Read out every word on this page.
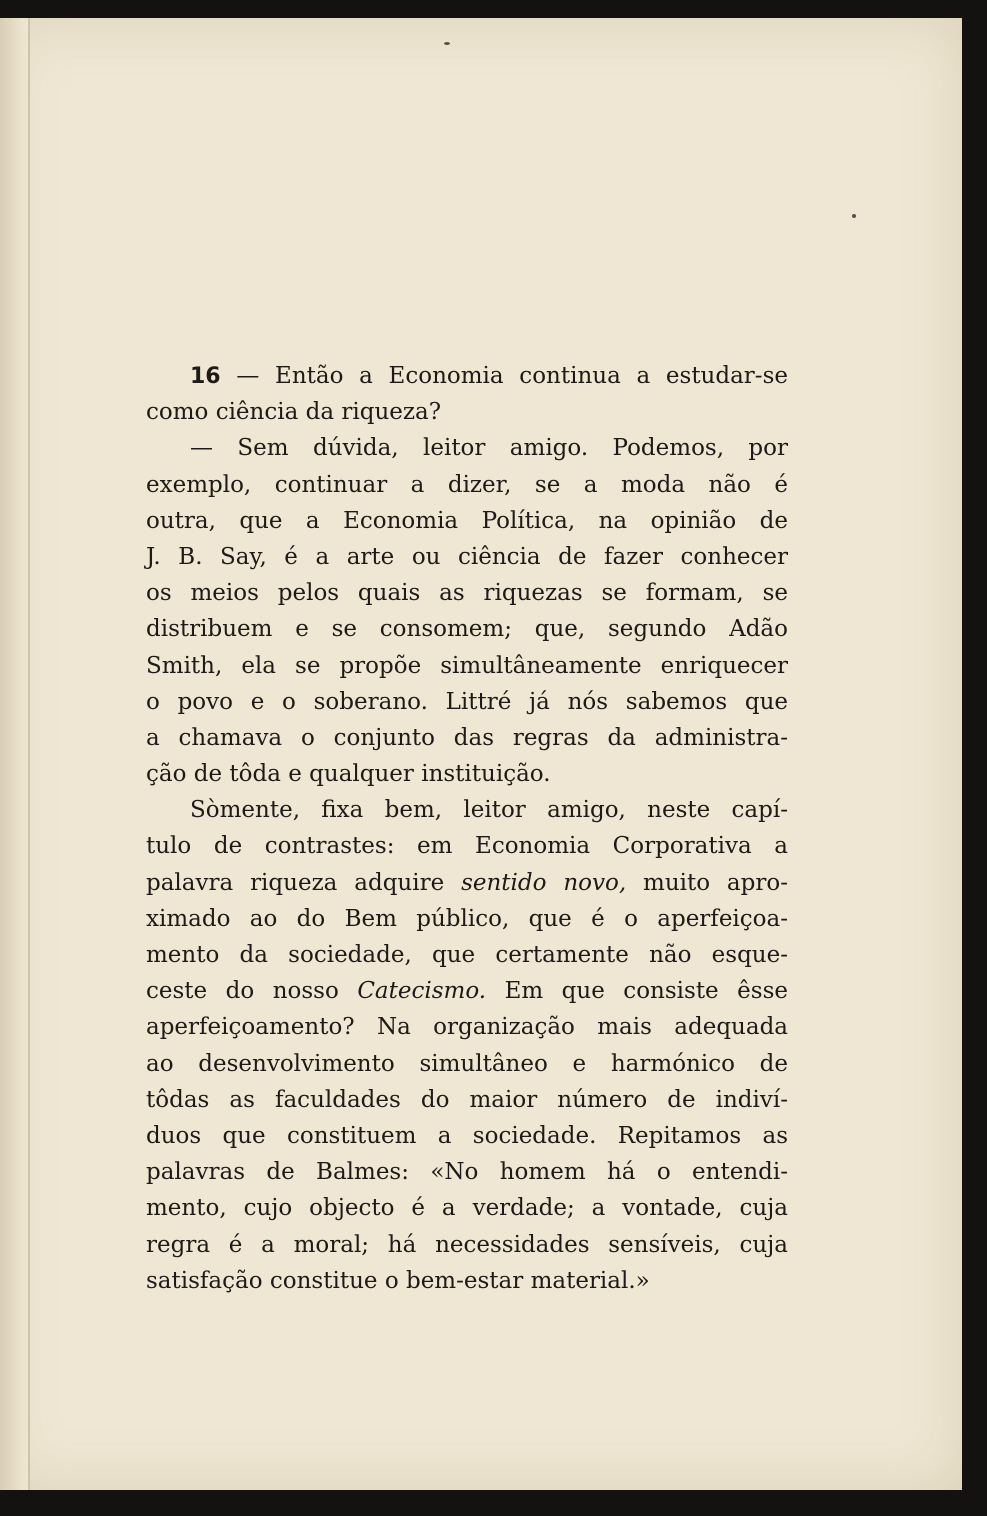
16 — Então a Economia continua a estudar-se
como ciência da riqueza?
— Sem dúvida, leitor amigo. Podemos, por
exemplo, continuar a dizer, se a moda não é
outra, que a Economia Política, na opinião de
J. B. Say, é a arte ou ciência de fazer conhecer
os meios pelos quais as riquezas se formam, se
distribuem e se consomem; que, segundo Adão
Smith, ela se propõe simultâneamente enriquecer
o povo e o soberano. Littré já nós sabemos que
a chamava o conjunto das regras da administra-
ção de tôda e qualquer instituição.
Sòmente, fixa bem, leitor amigo, neste capí-
tulo de contrastes: em Economia Corporativa a
palavra riqueza adquire sentido novo, muito apro-
ximado ao do Bem público, que é o aperfeiçoa-
mento da sociedade, que certamente não esque-
ceste do nosso Catecismo. Em que consiste êsse
aperfeiçoamento? Na organização mais adequada
ao desenvolvimento simultâneo e harmónico de
tôdas as faculdades do maior número de indiví-
duos que constituem a sociedade. Repitamos as
palavras de Balmes: «No homem há o entendi-
mento, cujo objecto é a verdade; a vontade, cuja
regra é a moral; há necessidades sensíveis, cuja
satisfação constitue o bem-estar material.»
